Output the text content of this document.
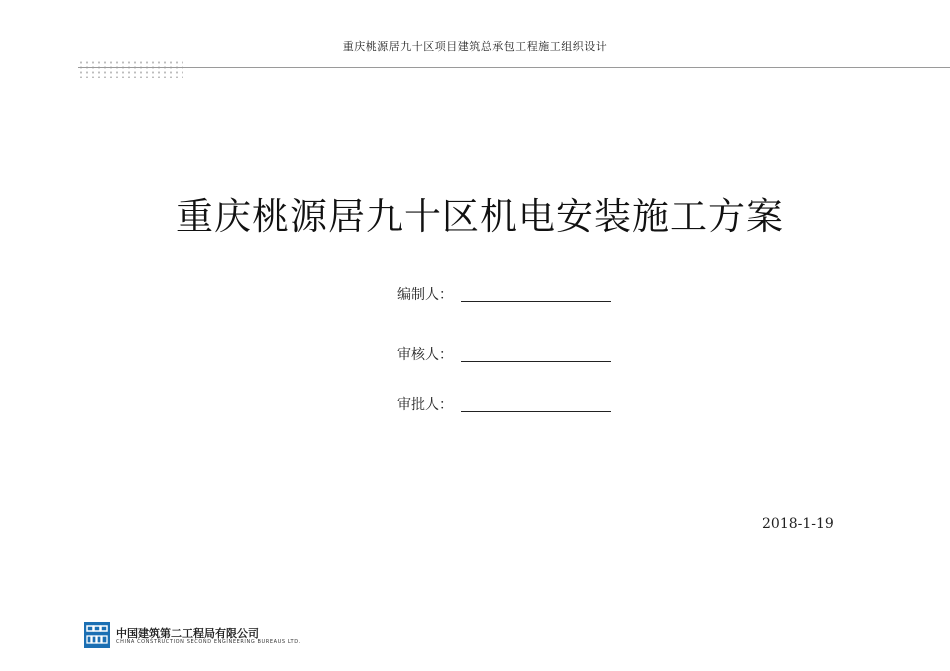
重庆桃源居九十区项目建筑总承包工程施工组织设计
重庆桃源居九十区机电安装施工方案
编制人：
审核人：
审批人：
2018-1-19
中国建筑第二工程局有限公司
CHINA CONSTRUCTION SECOND ENGINEERING BUREAUS LTD.
